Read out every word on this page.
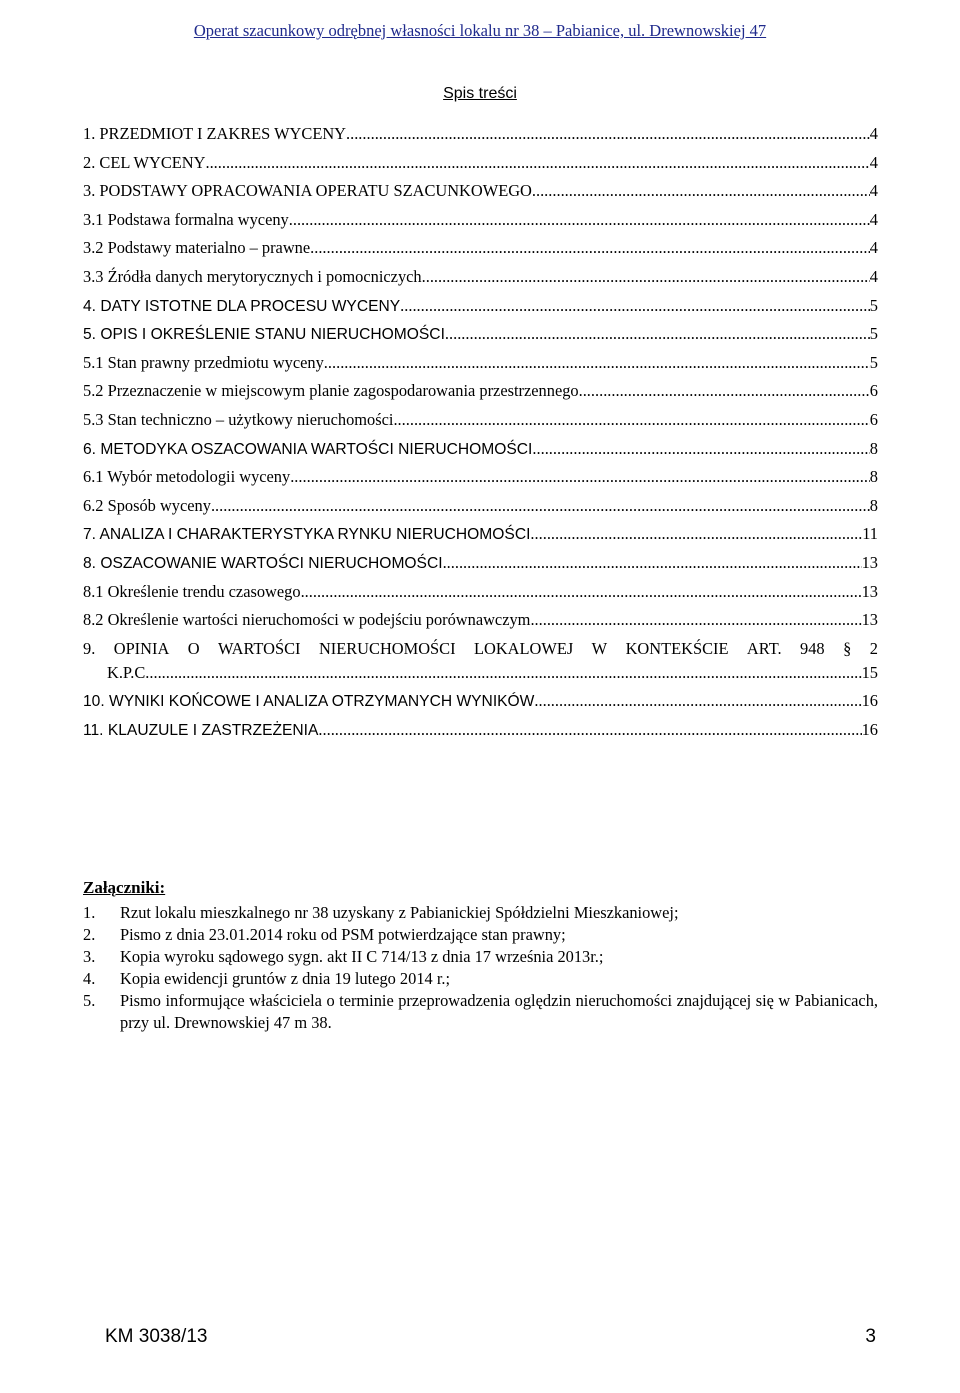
Operat szacunkowy odrębnej własności lokalu nr 38 – Pabianice, ul. Drewnowskiej 47
Spis treści
1. PRZEDMIOT I ZAKRES WYCENY .....	4
2. CEL WYCENY .....	4
3. PODSTAWY OPRACOWANIA OPERATU SZACUNKOWEGO .....	4
3.1 Podstawa formalna wyceny .....	4
3.2 Podstawy materialno – prawne .....	4
3.3 Źródła danych merytorycznych i pomocniczych .....	4
4. DATY ISTOTNE DLA PROCESU WYCENY .....	5
5. OPIS I OKREŚLENIE STANU NIERUCHOMOŚCI .....	5
5.1 Stan prawny przedmiotu wyceny .....	5
5.2 Przeznaczenie w miejscowym planie zagospodarowania przestrzennego .....	6
5.3 Stan techniczno – użytkowy nieruchomości .....	6
6. METODYKA OSZACOWANIA WARTOŚCI NIERUCHOMOŚCI .....	8
6.1 Wybór metodologii wyceny .....	8
6.2 Sposób wyceny .....	8
7. ANALIZA I CHARAKTERYSTYKA RYNKU NIERUCHOMOŚCI .....	11
8. OSZACOWANIE WARTOŚCI NIERUCHOMOŚCI .....	13
8.1 Określenie trendu czasowego .....	13
8.2 Określenie wartości nieruchomości w podejściu porównawczym .....	13
9. OPINIA O WARTOŚCI NIERUCHOMOŚCI LOKALOWEJ W KONTEKŚCIE ART. 948 § 2
K.P.C. .....	15
10. WYNIKI KOŃCOWE I ANALIZA OTRZYMANYCH WYNIKÓW .....	16
11. KLAUZULE I ZASTRZEŻENIA .....	16
Załączniki:
1.	Rzut lokalu mieszkalnego nr 38 uzyskany z Pabianickiej Spółdzielni Mieszkaniowej;
2.	Pismo z dnia 23.01.2014 roku od PSM potwierdzające stan prawny;
3.	Kopia wyroku sądowego sygn. akt II C 714/13 z dnia 17 września 2013r.;
4.	Kopia ewidencji gruntów z dnia 19 lutego 2014 r.;
5.	Pismo informujące właściciela o terminie przeprowadzenia oględzin nieruchomości znajdującej się w Pabianicach, przy ul. Drewnowskiej 47 m 38.
KM 3038/13	3
